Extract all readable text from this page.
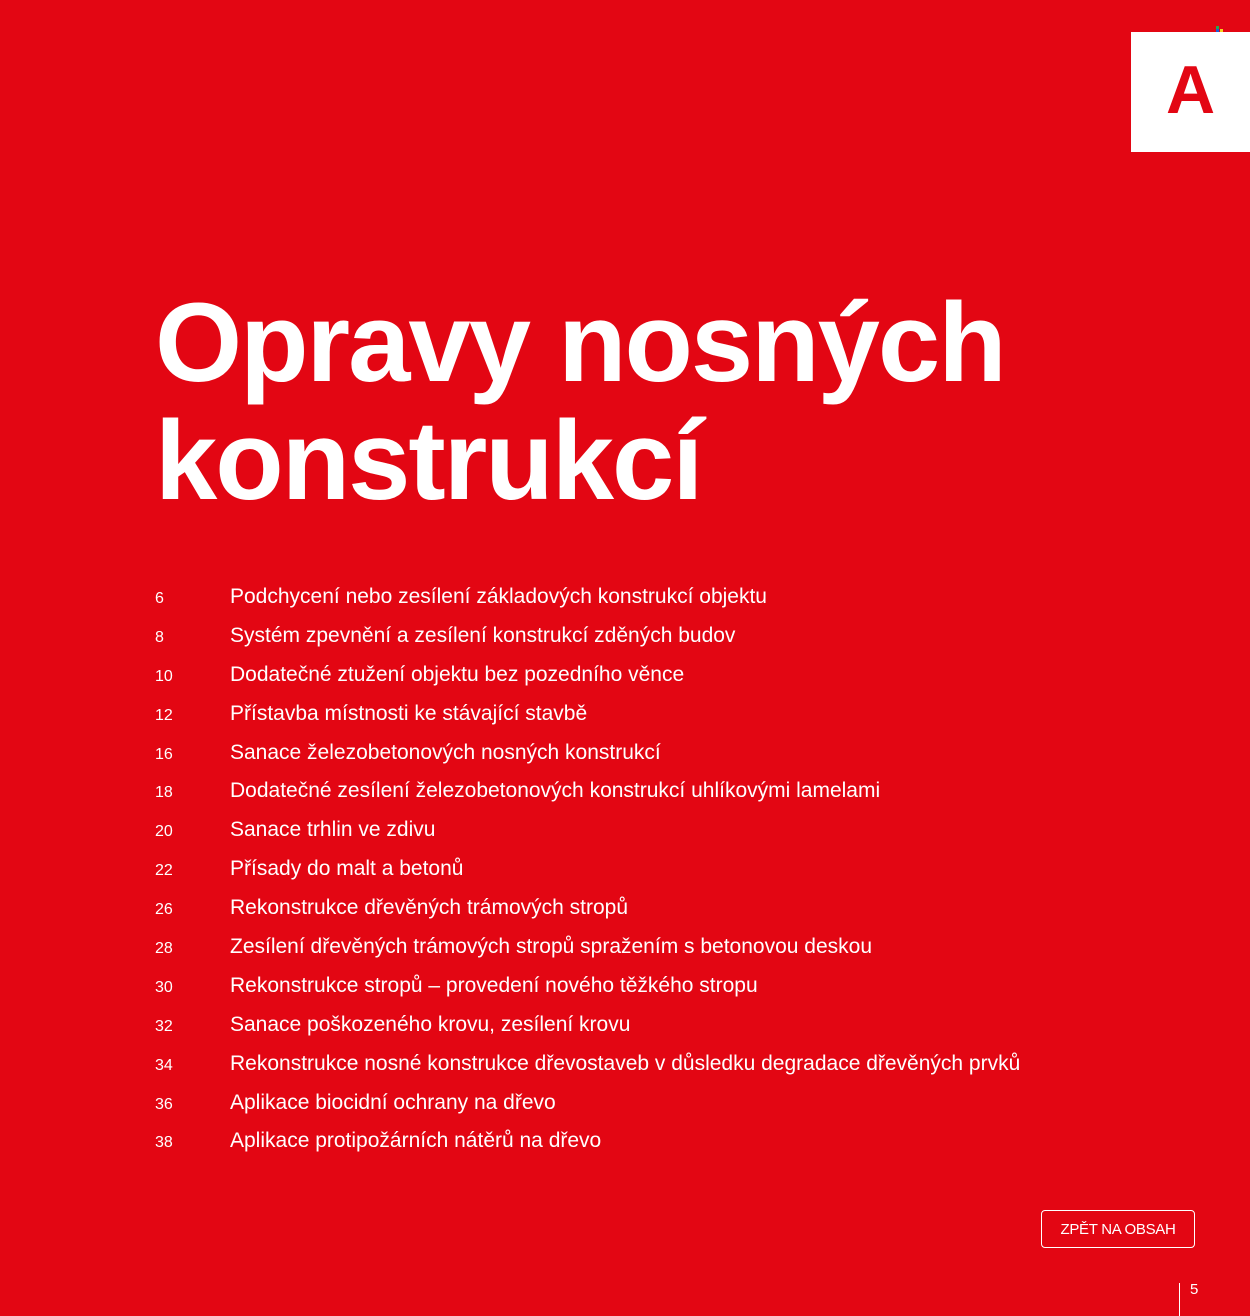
A
Opravy nosných
konstrukcí
6	Podchycení nebo zesílení základových konstrukcí objektu
8	Systém zpevnění a zesílení konstrukcí zděných budov
10	Dodatečné ztužení objektu bez pozedního věnce
12	Přístavba místnosti ke stávající stavbě
16	Sanace železobetonových nosných konstrukcí
18	Dodatečné zesílení železobetonových konstrukcí uhlíkovými lamelami
20	Sanace trhlin ve zdivu
22	Přísady do malt a betonů
26	Rekonstrukce dřevěných trámových stropů
28	Zesílení dřevěných trámových stropů spražením s betonovou deskou
30	Rekonstrukce stropů – provedení nového těžkého stropu
32	Sanace poškozeného krovu, zesílení krovu
34	Rekonstrukce nosné konstrukce dřevostaveb v důsledku degradace dřevěných prvků
36	Aplikace biocidní ochrany na dřevo
38	Aplikace protipožárních nátěrů na dřevo
ZPĚT NA OBSAH
5
